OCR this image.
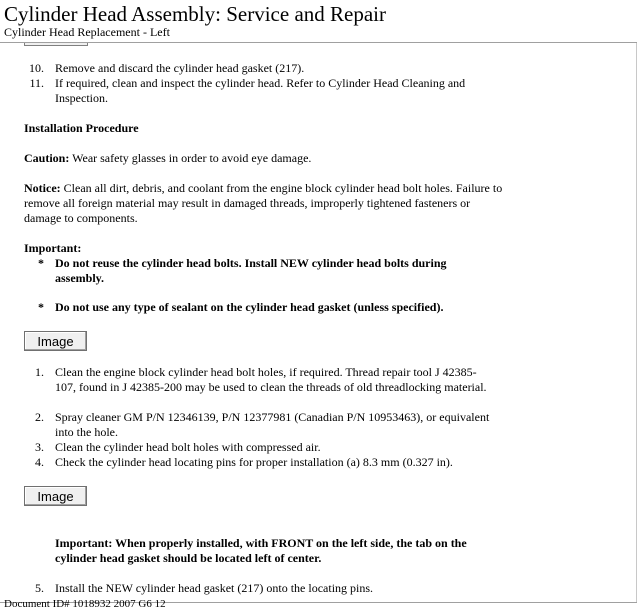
Cylinder Head Assembly: Service and Repair
Cylinder Head Replacement - Left
10. Remove and discard the cylinder head gasket (217).
11. If required, clean and inspect the cylinder head. Refer to Cylinder Head Cleaning and Inspection.
Installation Procedure
Caution: Wear safety glasses in order to avoid eye damage.
Notice: Clean all dirt, debris, and coolant from the engine block cylinder head bolt holes. Failure to remove all foreign material may result in damaged threads, improperly tightened fasteners or damage to components.
Important:
* Do not reuse the cylinder head bolts. Install NEW cylinder head bolts during assembly.
* Do not use any type of sealant on the cylinder head gasket (unless specified).
Image
1. Clean the engine block cylinder head bolt holes, if required. Thread repair tool J 42385-107, found in J 42385-200 may be used to clean the threads of old threadlocking material.
2. Spray cleaner GM P/N 12346139, P/N 12377981 (Canadian P/N 10953463), or equivalent into the hole.
3. Clean the cylinder head bolt holes with compressed air.
4. Check the cylinder head locating pins for proper installation (a) 8.3 mm (0.327 in).
Image
Important: When properly installed, with FRONT on the left side, the tab on the cylinder head gasket should be located left of center.
5. Install the NEW cylinder head gasket (217) onto the locating pins.
Document ID# 1018932 2007 G6 12
